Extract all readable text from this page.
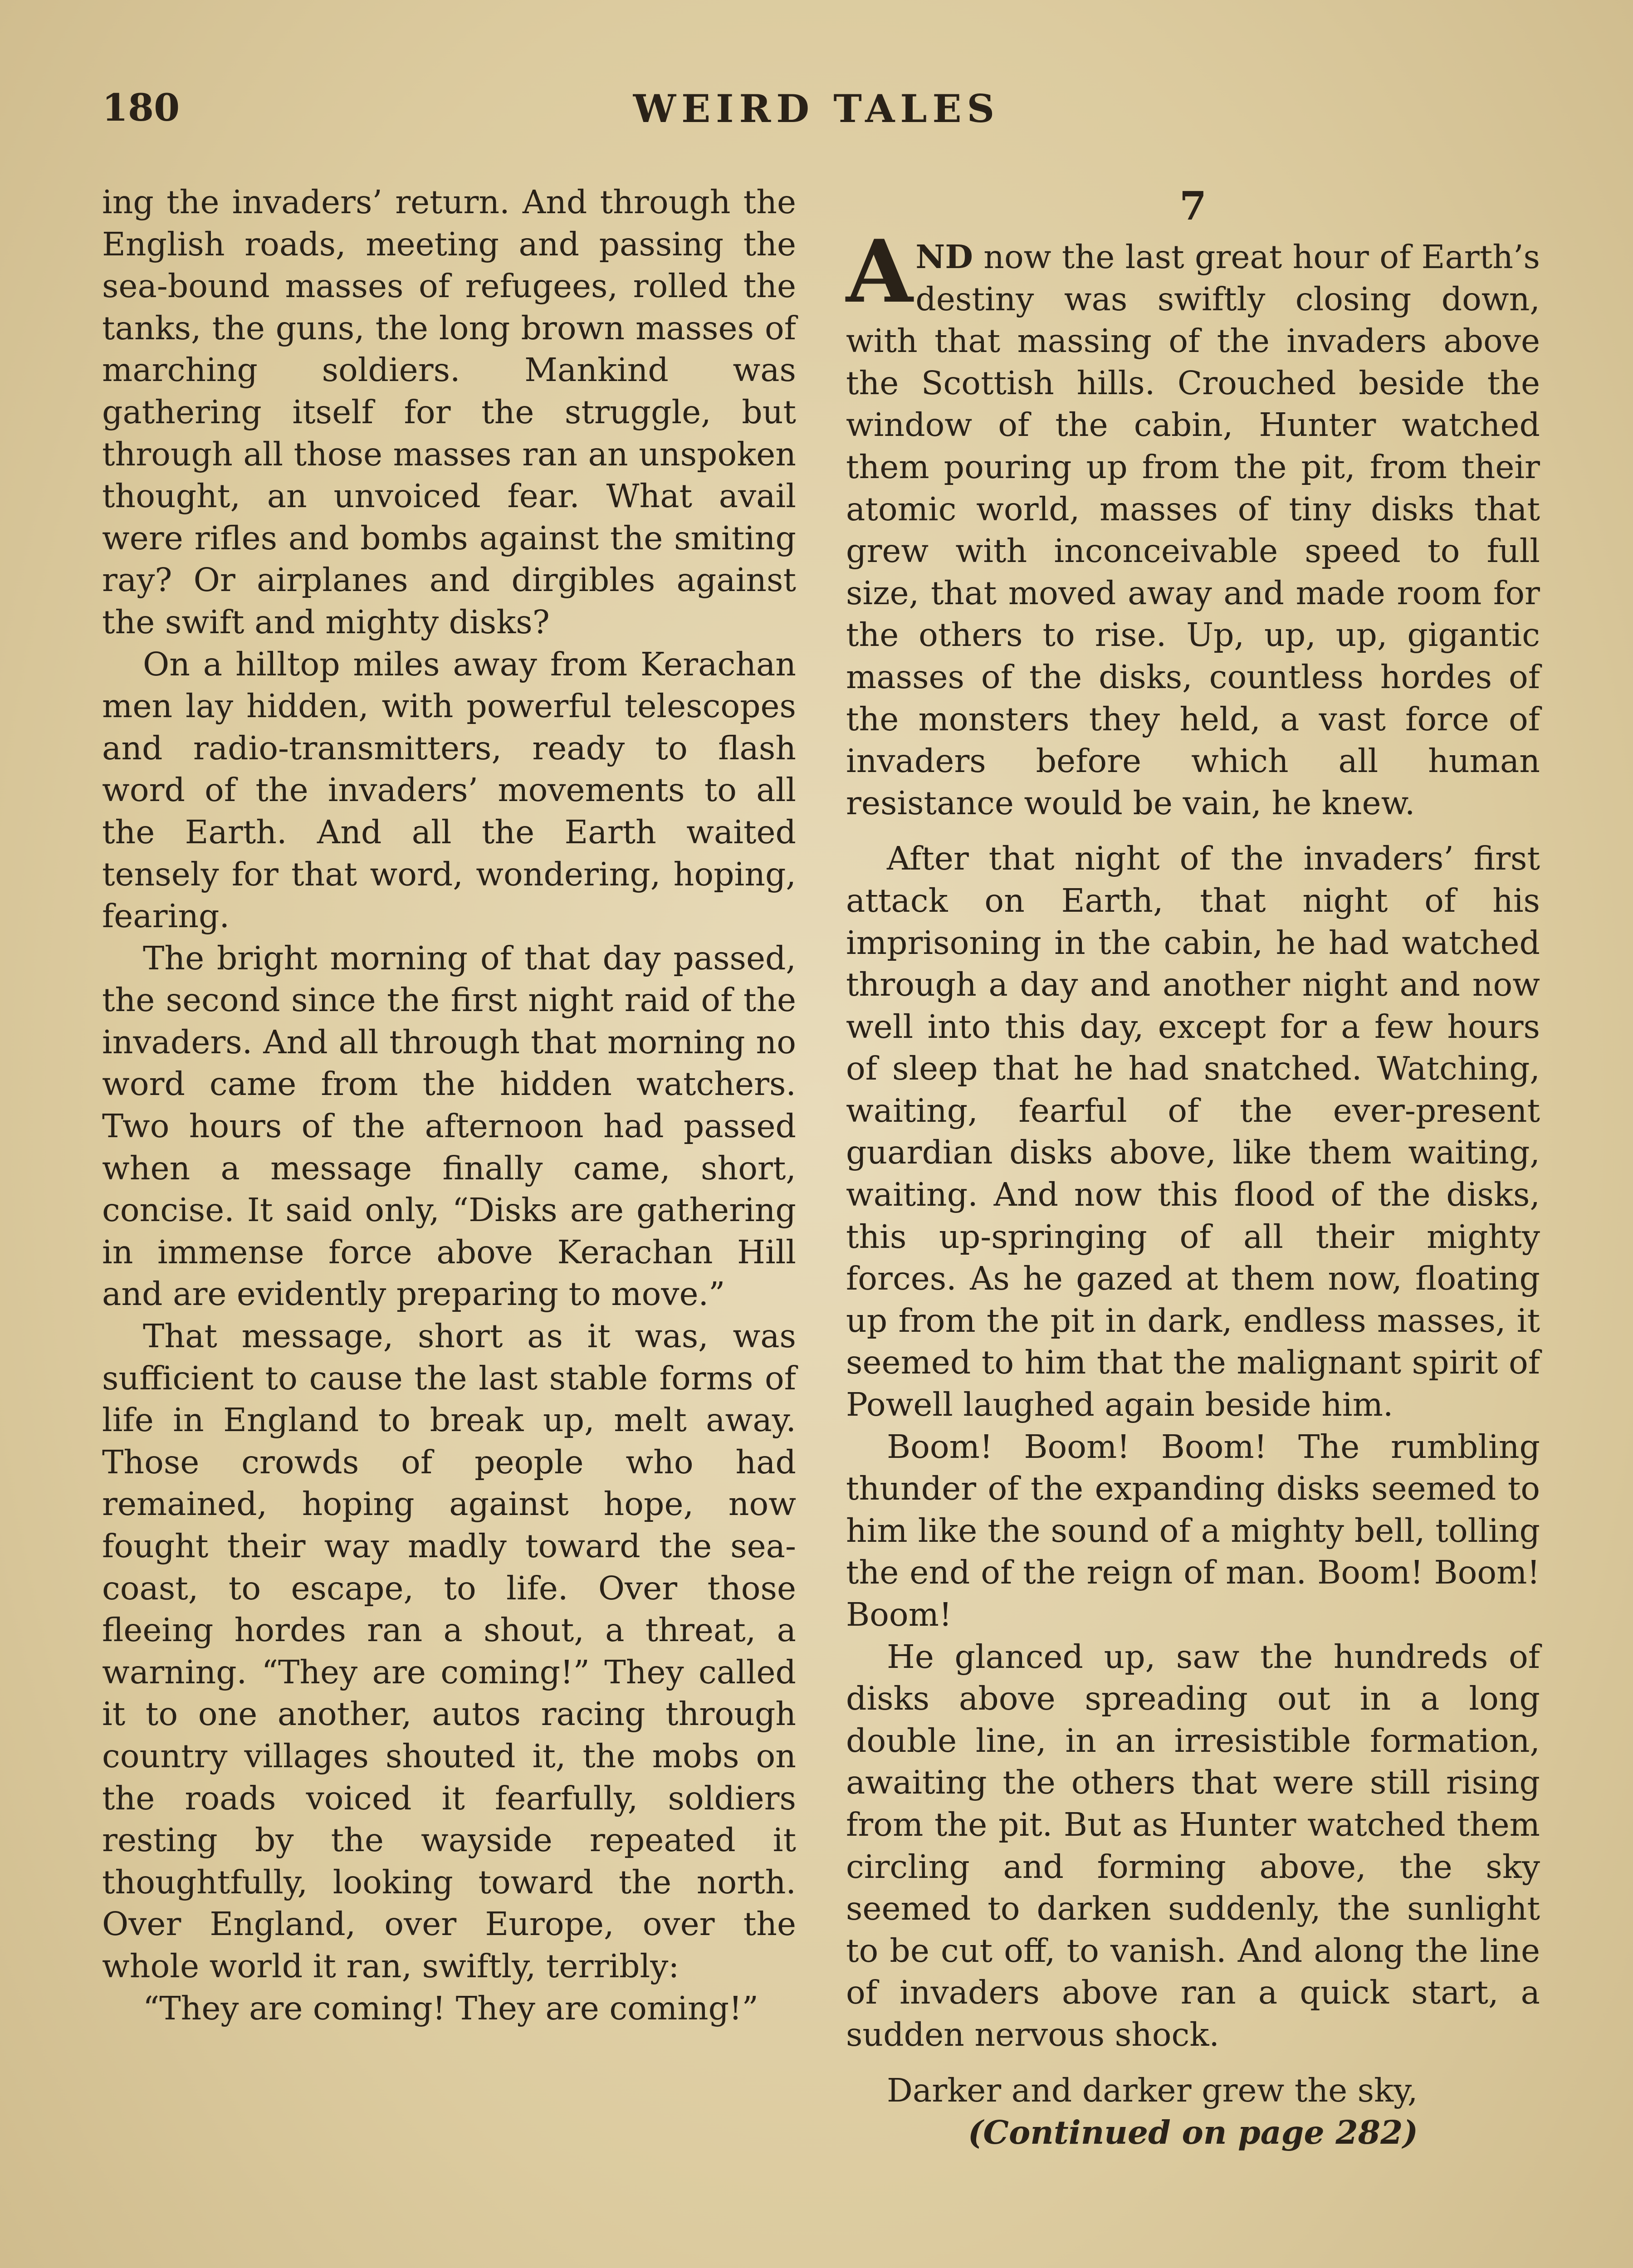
180	WEIRD TALES

ing the invaders’ return. And through the English roads, meeting and passing the sea-bound masses of refugees, rolled the tanks, the guns, the long brown masses of marching soldiers. Mankind was gathering itself for the struggle, but through all those masses ran an unspoken thought, an unvoiced fear. What avail were rifles and bombs against the smiting ray? Or airplanes and dirgibles against the swift and mighty disks?

On a hilltop miles away from Kerachan men lay hidden, with powerful telescopes and radio-transmitters, ready to flash word of the invaders’ movements to all the Earth. And all the Earth waited tensely for that word, wondering, hoping, fearing.

The bright morning of that day passed, the second since the first night raid of the invaders. And all through that morning no word came from the hidden watchers. Two hours of the afternoon had passed when a message finally came, short, concise. It said only, “Disks are gathering in immense force above Kerachan Hill and are evidently preparing to move.”

That message, short as it was, was sufficient to cause the last stable forms of life in England to break up, melt away. Those crowds of people who had remained, hoping against hope, now fought their way madly toward the sea-coast, to escape, to life. Over those fleeing hordes ran a shout, a threat, a warning. “They are coming!” They called it to one another, autos racing through country villages shouted it, the mobs on the roads voiced it fearfully, soldiers resting by the wayside repeated it thoughtfully, looking toward the north. Over England, over Europe, over the whole world it ran, swiftly, terribly:

“They are coming! They are coming!”

7

AND now the last great hour of Earth’s destiny was swiftly closing down, with that massing of the invaders above the Scottish hills. Crouched beside the window of the cabin, Hunter watched them pouring up from the pit, from their atomic world, masses of tiny disks that grew with inconceivable speed to full size, that moved away and made room for the others to rise. Up, up, up, gigantic masses of the disks, countless hordes of the monsters they held, a vast force of invaders before which all human resistance would be vain, he knew.

After that night of the invaders’ first attack on Earth, that night of his imprisoning in the cabin, he had watched through a day and another night and now well into this day, except for a few hours of sleep that he had snatched. Watching, waiting, fearful of the ever-present guardian disks above, like them waiting, waiting. And now this flood of the disks, this up-springing of all their mighty forces. As he gazed at them now, floating up from the pit in dark, endless masses, it seemed to him that the malignant spirit of Powell laughed again beside him.

Boom! Boom! Boom! The rumbling thunder of the expanding disks seemed to him like the sound of a mighty bell, tolling the end of the reign of man. Boom! Boom! Boom!

He glanced up, saw the hundreds of disks above spreading out in a long double line, in an irresistible formation, awaiting the others that were still rising from the pit. But as Hunter watched them circling and forming above, the sky seemed to darken suddenly, the sunlight to be cut off, to vanish. And along the line of invaders above ran a quick start, a sudden nervous shock.

Darker and darker grew the sky,

(Continued on page 282)
